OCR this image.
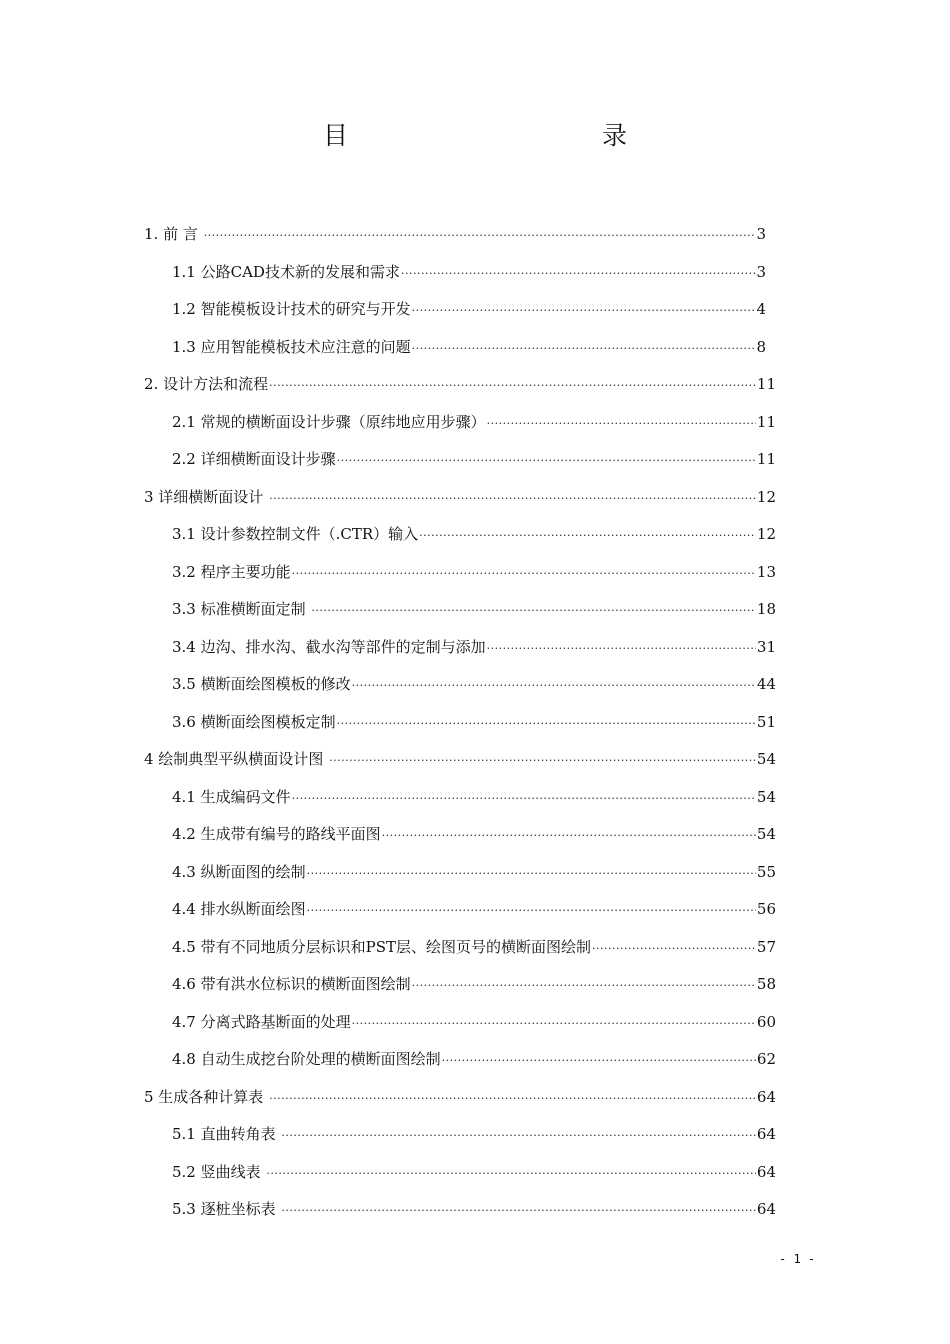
目　　录
1. 前 言 ·····	3
1.1 公路CAD技术新的发展和需求 ·····	3
1.2 智能模板设计技术的研究与开发 ·····	4
1.3 应用智能模板技术应注意的问题 ·····	8
2. 设计方法和流程 ·····	11
2.1 常规的横断面设计步骤（原纬地应用步骤） ·····	11
2.2 详细横断面设计步骤 ·····	11
3 详细横断面设计 ·····	12
3.1 设计参数控制文件（.CTR）输入 ·····	12
3.2 程序主要功能 ·····	13
3.3 标准横断面定制 ·····	18
3.4 边沟、排水沟、截水沟等部件的定制与添加 ·····	31
3.5 横断面绘图模板的修改 ·····	44
3.6 横断面绘图模板定制 ·····	51
4 绘制典型平纵横面设计图 ·····	54
4.1 生成编码文件 ·····	54
4.2 生成带有编号的路线平面图 ·····	54
4.3 纵断面图的绘制 ·····	55
4.4 排水纵断面绘图 ·····	56
4.5 带有不同地质分层标识和PST层、绘图页号的横断面图绘制 ·····	57
4.6 带有洪水位标识的横断面图绘制 ·····	58
4.7 分离式路基断面的处理 ·····	60
4.8 自动生成挖台阶处理的横断面图绘制 ·····	62
5 生成各种计算表 ·····	64
5.1 直曲转角表 ·····	64
5.2 竖曲线表 ·····	64
5.3 逐桩坐标表 ·····	64
- 1 -
